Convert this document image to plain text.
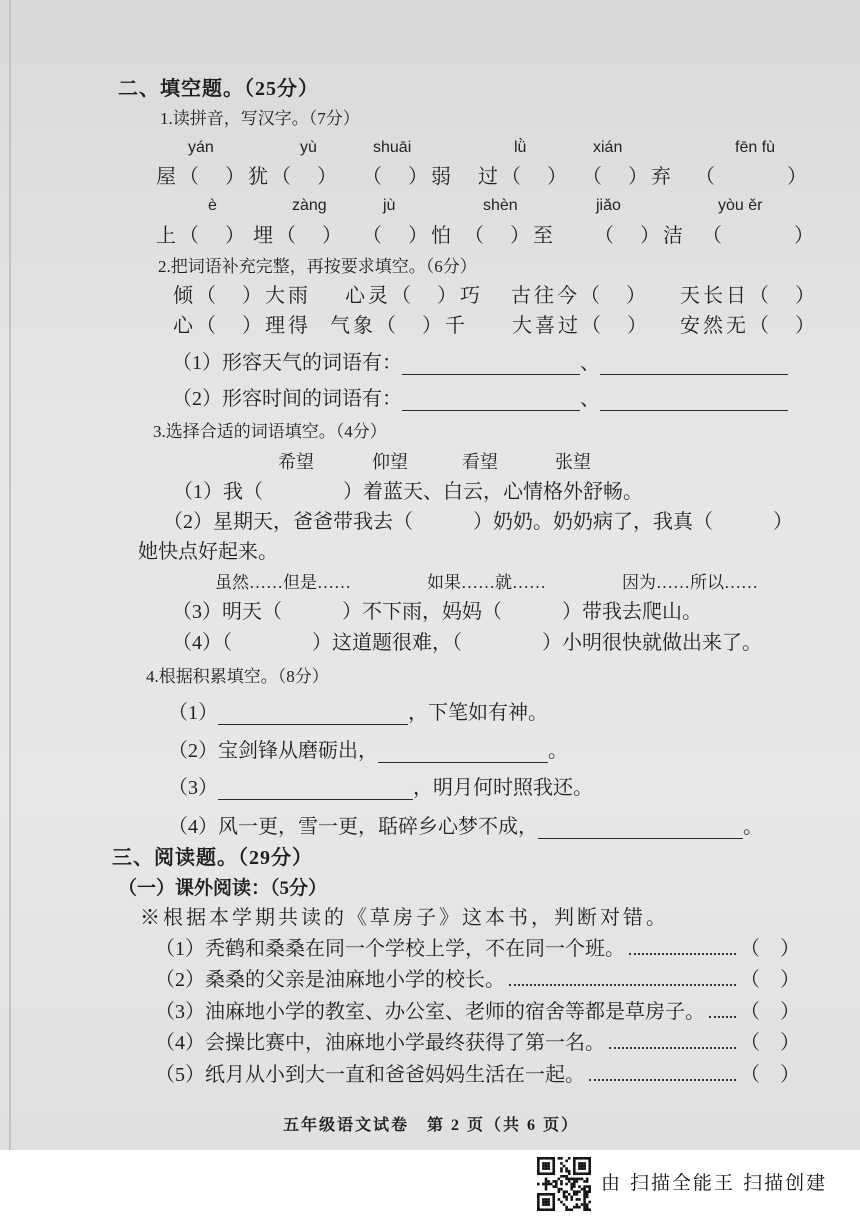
二、填空题。（25分）
1.读拼音，写汉字。（7分）
yán	yù	shuāi	lǜ	xián	fēn fù
屋（　） 犹（　） （　）弱 过（　） （　）弃 （　　　）
è	zàng	jù	shèn	jiǎo	yòu ěr
上（　） 埋（　） （　）怕 （　）至 （　）洁 （　　　）
2.把词语补充完整，再按要求填空。（6分）
倾（　）大雨 心灵（　）巧 古往今（　） 天长日（　）
心（　）理得 气象（　）千 大喜过（　） 安然无（　）
（1）形容天气的词语有：	、
（2）形容时间的词语有：	、
3.选择合适的词语填空。（4分）
希望	仰望	看望	张望
（1）我（　　　　）着蓝天、白云，心情格外舒畅。
（2）星期天，爸爸带我去（　　　）奶奶。奶奶病了，我真（　　　）
她快点好起来。
虽然……但是……	如果……就……	因为……所以……
（3）明天（　　　）不下雨，妈妈（　　　）带我去爬山。
（4）（　　　　）这道题很难，（　　　　）小明很快就做出来了。
4.根据积累填空。（8分）
（1）	，下笔如有神。
（2）宝剑锋从磨砺出，	。
（3）	，明月何时照我还。
（4）风一更，雪一更，聒碎乡心梦不成，	。
三、阅读题。（29分）
（一）课外阅读：（5分）
※根据本学期共读的《草房子》这本书，判断对错。
（1）秃鹤和桑桑在同一个学校上学，不在同一个班。	（　）
（2）桑桑的父亲是油麻地小学的校长。	（　）
（3）油麻地小学的教室、办公室、老师的宿舍等都是草房子。 （　）
（4）会操比赛中，油麻地小学最终获得了第一名。	（　）
（5）纸月从小到大一直和爸爸妈妈生活在一起。	（　）
五年级语文试卷　第 2 页（共 6 页）
由 扫描全能王 扫描创建
